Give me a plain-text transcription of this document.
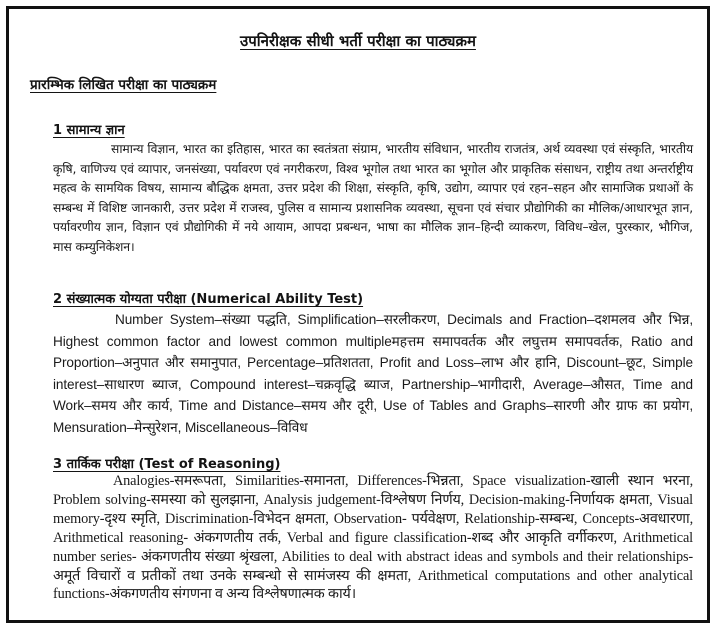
उपनिरीक्षक सीधी भर्ती परीक्षा का पाठ्यक्रम
प्रारम्भिक लिखित परीक्षा का पाठ्यक्रम
1 सामान्य ज्ञान
सामान्य विज्ञान, भारत का इतिहास, भारत का स्वतंत्रता संग्राम, भारतीय संविधान, भारतीय राजतंत्र, अर्थ व्यवस्था एवं संस्कृति, भारतीय कृषि, वाणिज्य एवं व्यापार, जनसंख्या, पर्यावरण एवं नगरीकरण, विश्व भूगोल तथा भारत का भूगोल और प्राकृतिक संसाधन, राष्ट्रीय तथा अन्तर्राष्ट्रीय महत्व के सामयिक विषय, सामान्य बौद्धिक क्षमता, उत्तर प्रदेश की शिक्षा, संस्कृति, कृषि, उद्योग, व्यापार एवं रहन–सहन और सामाजिक प्रथाओं के सम्बन्ध में विशिष्ट जानकारी, उत्तर प्रदेश में राजस्व, पुलिस व सामान्य प्रशासनिक व्यवस्था, सूचना एवं संचार प्रौद्योगिकी का मौलिक/आधारभूत ज्ञान, पर्यावरणीय ज्ञान, विज्ञान एवं प्रौद्योगिकी में नये आयाम, आपदा प्रबन्धन, भाषा का मौलिक ज्ञान–हिन्दी व्याकरण, विविध–खेल, पुरस्कार, भौगिज, मास कम्युनिकेशन।
2 संख्यात्मक योग्यता परीक्षा (Numerical Ability Test)
Number System–संख्या पद्धति, Simplification–सरलीकरण, Decimals and Fraction–दशमलव और भिन्न, Highest common factor and lowest common multipleमहत्तम समापवर्तक और लघुत्तम समापवर्तक, Ratio and Proportion–अनुपात और समानुपात, Percentage–प्रतिशतता, Profit and Loss–लाभ और हानि, Discount–छूट, Simple interest–साधारण ब्याज, Compound interest–चक्रवृद्धि ब्याज, Partnership–भागीदारी, Average–औसत, Time and Work–समय और कार्य, Time and Distance–समय और दूरी, Use of Tables and Graphs–सारणी और ग्राफ का प्रयोग, Mensuration–मेन्सुरेशन, Miscellaneous–विविध
3 तार्किक परीक्षा (Test of Reasoning)
Analogies-समरूपता, Similarities-समानता, Differences-भिन्नता, Space visualization-खाली स्थान भरना, Problem solving-समस्या को सुलझाना, Analysis judgement-विश्लेषण निर्णय, Decision-making-निर्णायक क्षमता, Visual memory-दृश्य स्मृति, Discrimination-विभेदन क्षमता, Observation- पर्यवेक्षण, Relationship-सम्बन्ध, Concepts-अवधारणा, Arithmetical reasoning- अंकगणतीय तर्क, Verbal and figure classification-शब्द और आकृति वर्गीकरण, Arithmetical number series- अंकगणतीय संख्या श्रृंखला, Abilities to deal with abstract ideas and symbols and their relationships-अमूर्त विचारों व प्रतीकों तथा उनके सम्बन्धो से सामंजस्य की क्षमता, Arithmetical computations and other analytical functions-अंकगणतीय संगणना व अन्य विश्लेषणात्मक कार्य।
